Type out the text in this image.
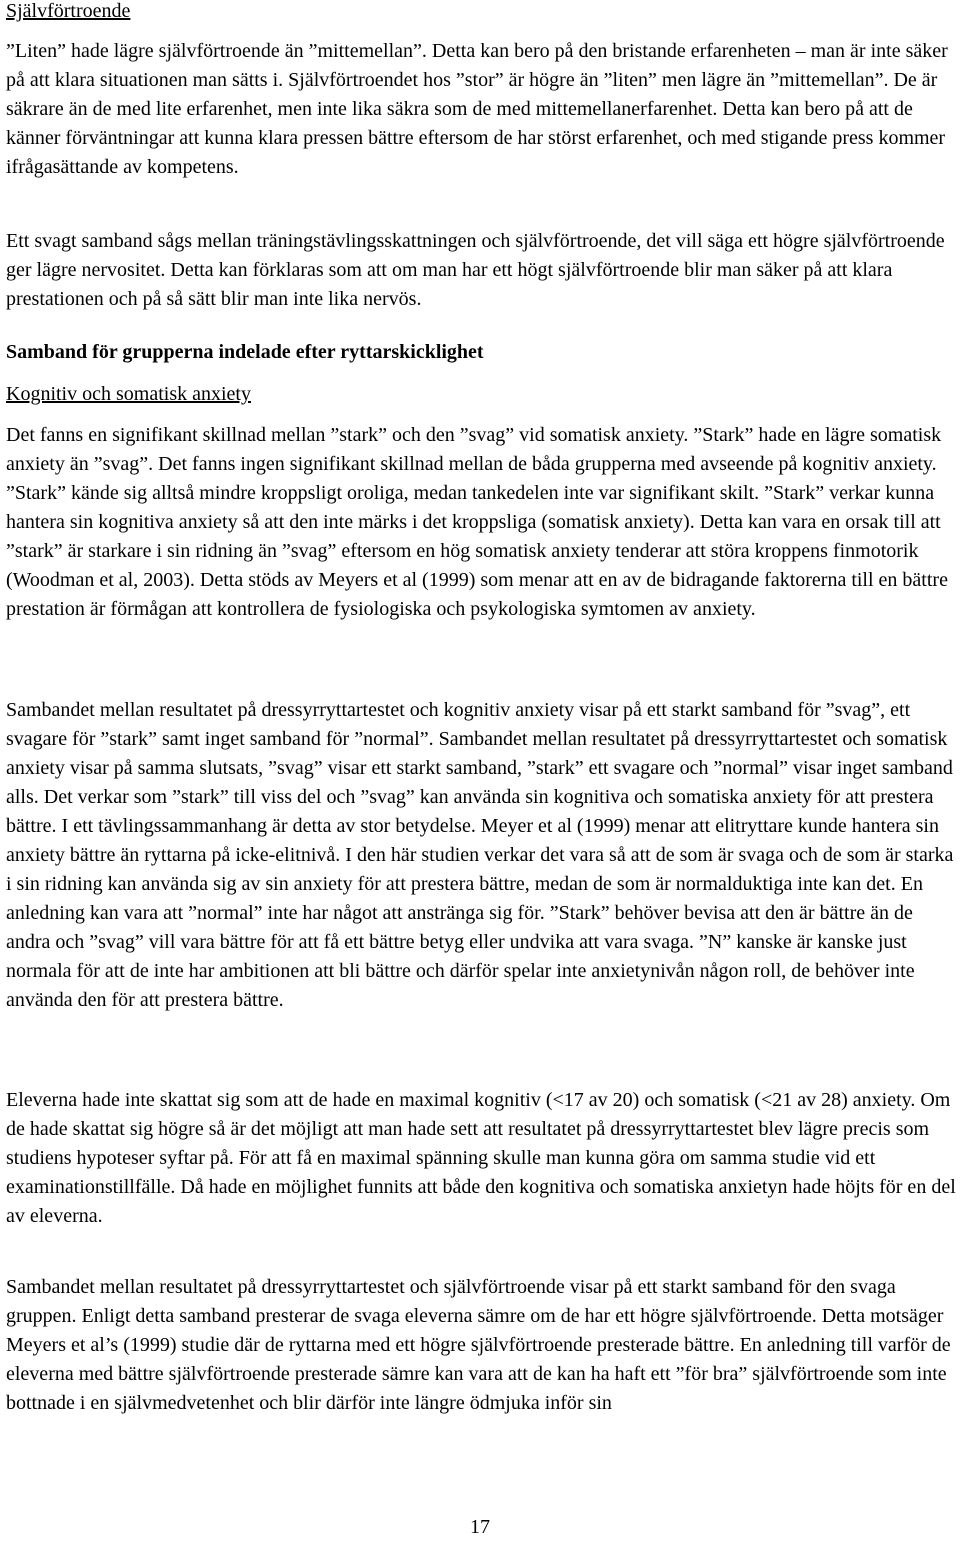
Självförtroende

”Liten” hade lägre självförtroende än ”mittemellan”. Detta kan bero på den bristande erfarenheten – man är inte säker på att klara situationen man sätts i. Självförtroendet hos ”stor” är högre än ”liten” men lägre än ”mittemellan”. De är säkrare än de med lite erfarenhet, men inte lika säkra som de med mittemellanerfarenhet. Detta kan bero på att de känner förväntningar att kunna klara pressen bättre eftersom de har störst erfarenhet, och med stigande press kommer ifrågasättande av kompetens.

Ett svagt samband sågs mellan träningstävlingsskattningen och självförtroende, det vill säga ett högre självförtroende ger lägre nervositet. Detta kan förklaras som att om man har ett högt självförtroende blir man säker på att klara prestationen och på så sätt blir man inte lika nervös.

Samband för grupperna indelade efter ryttarskicklighet
Kognitiv och somatisk anxiety

Det fanns en signifikant skillnad mellan ”stark” och den ”svag” vid somatisk anxiety. ”Stark” hade en lägre somatisk anxiety än ”svag”. Det fanns ingen signifikant skillnad mellan de båda grupperna med avseende på kognitiv anxiety. ”Stark” kände sig alltså mindre kroppsligt oroliga, medan tankedelen inte var signifikant skilt. ”Stark” verkar kunna hantera sin kognitiva anxiety så att den inte märks i det kroppsliga (somatisk anxiety). Detta kan vara en orsak till att ”stark” är starkare i sin ridning än ”svag” eftersom en hög somatisk anxiety tenderar att störa kroppens finmotorik (Woodman et al, 2003). Detta stöds av Meyers et al (1999) som menar att en av de bidragande faktorerna till en bättre prestation är förmågan att kontrollera de fysiologiska och psykologiska symtomen av anxiety.

Sambandet mellan resultatet på dressyrryttartestet och kognitiv anxiety visar på ett starkt samband för ”svag”, ett svagare för ”stark” samt inget samband för ”normal”. Sambandet mellan resultatet på dressyrryttartestet och somatisk anxiety visar på samma slutsats, ”svag” visar ett starkt samband, ”stark” ett svagare och ”normal” visar inget samband alls. Det verkar som ”stark” till viss del och ”svag” kan använda sin kognitiva och somatiska anxiety för att prestera bättre. I ett tävlingssammanhang är detta av stor betydelse. Meyer et al (1999) menar att elitryttare kunde hantera sin anxiety bättre än ryttarna på icke-elitnivå. I den här studien verkar det vara så att de som är svaga och de som är starka i sin ridning kan använda sig av sin anxiety för att prestera bättre, medan de som är normalduktiga inte kan det. En anledning kan vara att ”normal” inte har något att anstränga sig för. ”Stark” behöver bevisa att den är bättre än de andra och ”svag” vill vara bättre för att få ett bättre betyg eller undvika att vara svaga. ”N” kanske är kanske just normala för att de inte har ambitionen att bli bättre och därför spelar inte anxietynivån någon roll, de behöver inte använda den för att prestera bättre.

Eleverna hade inte skattat sig som att de hade en maximal kognitiv (<17 av 20) och somatisk (<21 av 28) anxiety. Om de hade skattat sig högre så är det möjligt att man hade sett att resultatet på dressyrryttartestet blev lägre precis som studiens hypoteser syftar på. För att få en maximal spänning skulle man kunna göra om samma studie vid ett examinationstillfälle. Då hade en möjlighet funnits att både den kognitiva och somatiska anxietyn hade höjts för en del av eleverna.

Sambandet mellan resultatet på dressyrryttartestet och självförtroende visar på ett starkt samband för den svaga gruppen. Enligt detta samband presterar de svaga eleverna sämre om de har ett högre självförtroende. Detta motsäger Meyers et al’s (1999) studie där de ryttarna med ett högre självförtroende presterade bättre. En anledning till varför de eleverna med bättre självförtroende presterade sämre kan vara att de kan ha haft ett ”för bra” självförtroende som inte bottnade i en självmedvetenhet och blir därför inte längre ödmjuka inför sin

17
